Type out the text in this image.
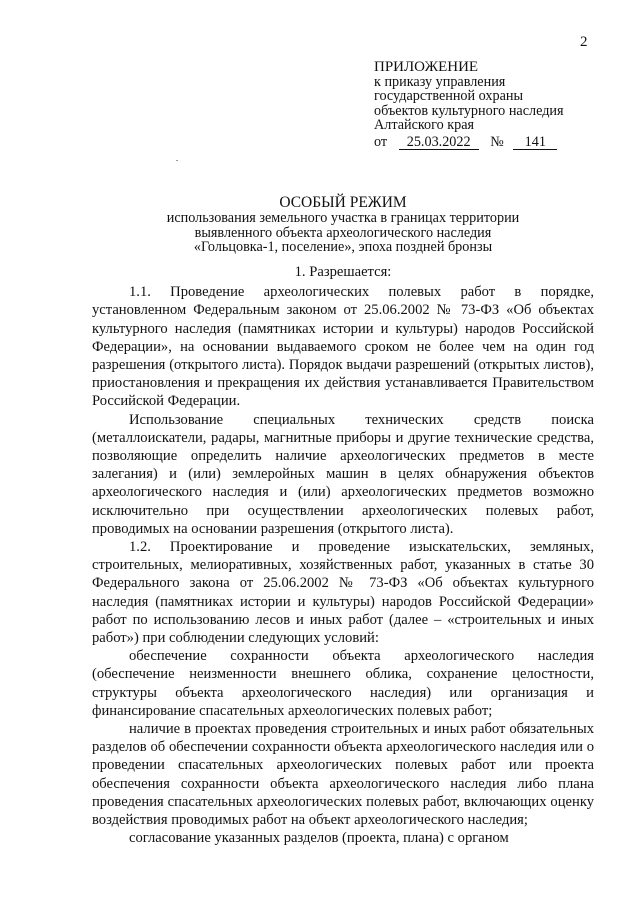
2
ПРИЛОЖЕНИЕ
к приказу управления
государственной охраны
объектов культурного наследия
Алтайского края
от 25.03.2022 № 141
ОСОБЫЙ РЕЖИМ
использования земельного участка в границах территории
выявленного объекта археологического наследия
«Гольцовка-1, поселение», эпоха поздней бронзы

1. Разрешается:

1.1. Проведение археологических полевых работ в порядке, установленном Федеральным законом от 25.06.2002 № 73-ФЗ «Об объектах культурного наследия (памятниках истории и культуры) народов Российской Федерации», на основании выдаваемого сроком не более чем на один год разрешения (открытого листа). Порядок выдачи разрешений (открытых листов), приостановления и прекращения их действия устанавливается Правительством Российской Федерации.

Использование специальных технических средств поиска (металлоискатели, радары, магнитные приборы и другие технические средства, позволяющие определить наличие археологических предметов в месте залегания) и (или) землеройных машин в целях обнаружения объектов археологического наследия и (или) археологических предметов возможно исключительно при осуществлении археологических полевых работ, проводимых на основании разрешения (открытого листа).

1.2. Проектирование и проведение изыскательских, земляных, строительных, мелиоративных, хозяйственных работ, указанных в статье 30 Федерального закона от 25.06.2002 № 73-ФЗ «Об объектах культурного наследия (памятниках истории и культуры) народов Российской Федерации» работ по использованию лесов и иных работ (далее – «строительных и иных работ») при соблюдении следующих условий:

обеспечение сохранности объекта археологического наследия (обеспечение неизменности внешнего облика, сохранение целостности, структуры объекта археологического наследия) или организация и финансирование спасательных археологических полевых работ;

наличие в проектах проведения строительных и иных работ обязательных разделов об обеспечении сохранности объекта археологического наследия или о проведении спасательных археологических полевых работ или проекта обеспечения сохранности объекта археологического наследия либо плана проведения спасательных археологических полевых работ, включающих оценку воздействия проводимых работ на объект археологического наследия;

согласование указанных разделов (проекта, плана) с органом
